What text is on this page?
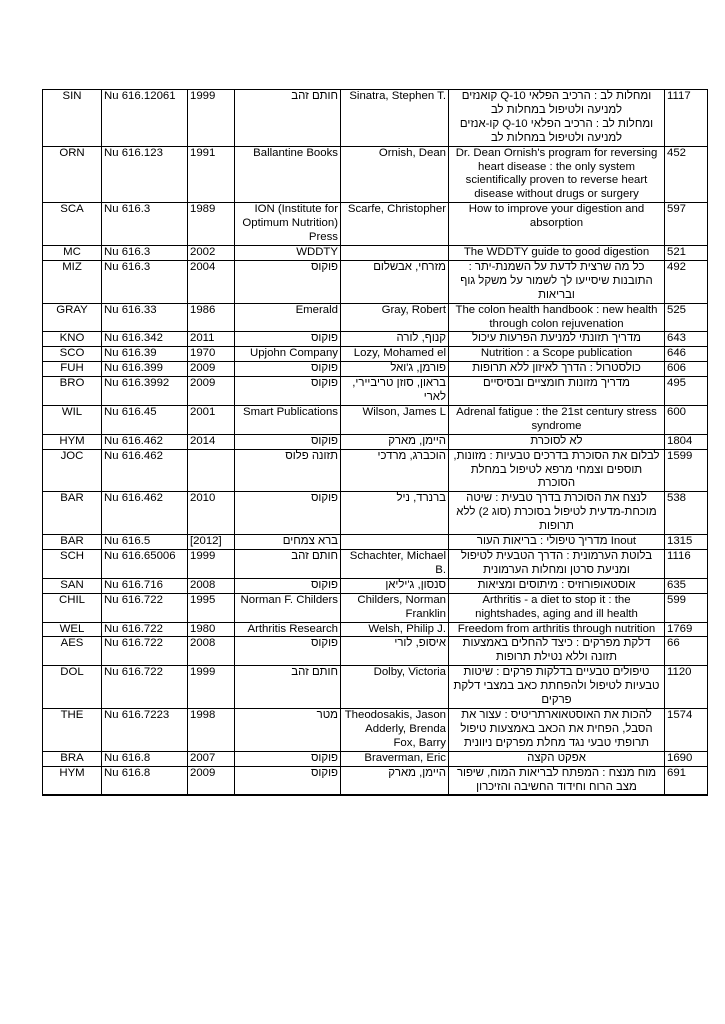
SIN	Nu 616.12061	1999	חותם זהב	Sinatra, Stephen T.	קואנזים Q-10 ומחלות לב : הרכיב הפלאי למניעה ולטיפול במחלות לב
קו-אנזים Q-10 ומחלות לב : הרכיב הפלאי למניעה ולטיפול במחלות לב	1117
ORN	Nu 616.123	1991	Ballantine Books	Ornish, Dean	Dr. Dean Ornish's program for reversing heart disease : the only system scientifically proven to reverse heart disease without drugs or surgery	452
SCA	Nu 616.3	1989	ION (Institute for Optimum Nutrition) Press	Scarfe, Christopher	How to improve your digestion and absorption	597
MC	Nu 616.3	2002	WDDTY		The WDDTY guide to good digestion	521
MIZ	Nu 616.3	2004	פוקוס	מזרחי, אבשלום	כל מה שרצית לדעת על השמנת-יתר : התובנות שיסייעו לך לשמור על משקל גוף ובריאות	492
GRAY	Nu 616.33	1986	Emerald	Gray, Robert	The colon health handbook : new health through colon rejuvenation	525
KNO	Nu 616.342	2011	פוקוס	קנוף, לורה	מדריך תזונתי למניעת הפרעות עיכול	643
SCO	Nu 616.39	1970	Upjohn Company	Lozy, Mohamed el	Nutrition : a Scope publication	646
FUH	Nu 616.399	2009	פוקוס	פורמן, ג'ואל	כולסטרול : הדרך לאיזון ללא תרופות	606
BRO	Nu 616.3992	2009	פוקוס	בראון, סוזן טריביירי, לארי	מדריך מזונות חומציים ובסיסיים	495
WIL	Nu 616.45	2001	Smart Publications	Wilson, James L	Adrenal fatigue : the 21st century stress syndrome	600
HYM	Nu 616.462	2014	פוקוס	היימן, מארק	לא לסוכרת	1804
JOC	Nu 616.462		תזונה פלוס	הוכברג, מרדכי	לבלום את הסוכרת בדרכים טבעיות : מזונות, תוספים וצמחי מרפא לטיפול במחלת הסוכרת	1599
BAR	Nu 616.462	2010	פוקוס	ברנרד, ניל	לנצח את הסוכרת בדרך טבעית : שיטה מוכחת-מדעית לטיפול בסוכרת (סוג 2) ללא תרופות	538
BAR	Nu 616.5	[2012]	ברא צמחים		מדריך טיפולי : בריאות העור Inout	1315
SCH	Nu 616.65006	1999	חותם זהב	Schachter, Michael B.	בלוטת הערמונית : הדרך הטבעית לטיפול ומניעת סרטן ומחלות הערמונית	1116
SAN	Nu 616.716	2008	פוקוס	סנסון, ג'יליאן	אוסטאופורוזיס : מיתוסים ומציאות	635
CHIL	Nu 616.722	1995	Norman F. Childers	Childers, Norman Franklin	Arthritis - a diet to stop it : the nightshades, aging and ill health	599
WEL	Nu 616.722	1980	Arthritis Research	Welsh, Philip J.	Freedom from arthritis through nutrition	1769
AES	Nu 616.722	2008	פוקוס	איסופ, לורי	דלקת מפרקים : כיצד להחלים באמצעות תזונה וללא נטילת תרופות	66
DOL	Nu 616.722	1999	חותם זהב	Dolby, Victoria	טיפולים טבעיים בדלקות פרקים : שיטות טבעיות לטיפול ולהפחתת כאב במצבי דלקת פרקים	1120
THE	Nu 616.7223	1998	מטר	Theodosakis, Jason Adderly, Brenda Fox, Barry	להכות את האוסטאוארתריטיס : עצור את הסבל, הפחית את הכאב באמצעות טיפול תרופתי טבעי נגד מחלת מפרקים ניוונית	1574
BRA	Nu 616.8	2007	פוקוס	Braverman, Eric	אפקט הקצה	1690
HYM	Nu 616.8	2009	פוקוס	היימן, מארק	מוח מנצח : המפתח לבריאות המוח, שיפור מצב הרוח וחידוד החשיבה והזיכרון	691
